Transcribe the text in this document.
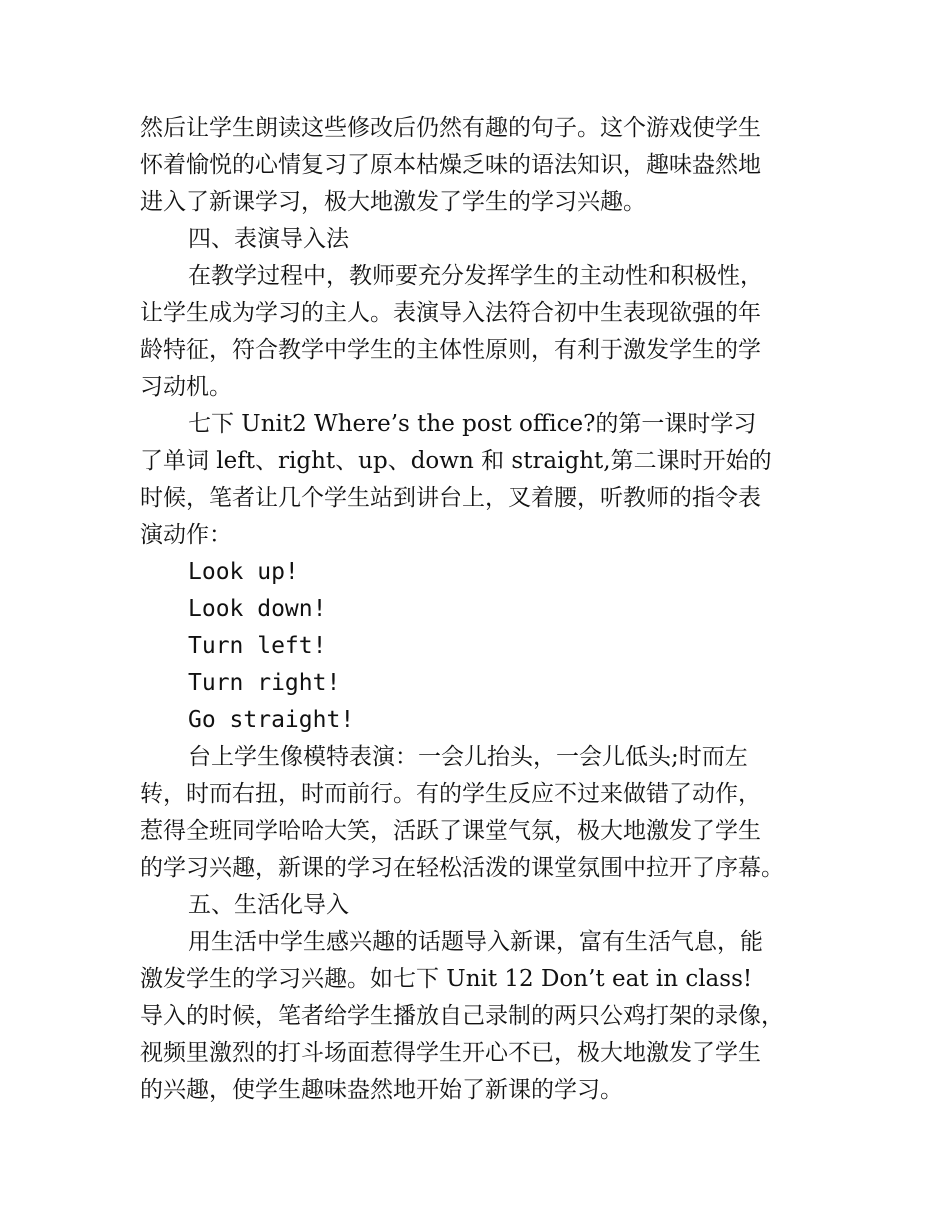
然后让学生朗读这些修改后仍然有趣的句子。这个游戏使学生
怀着愉悦的心情复习了原本枯燥乏味的语法知识，趣味盎然地
进入了新课学习，极大地激发了学生的学习兴趣。
四、表演导入法
在教学过程中，教师要充分发挥学生的主动性和积极性，
让学生成为学习的主人。表演导入法符合初中生表现欲强的年
龄特征，符合教学中学生的主体性原则，有利于激发学生的学
习动机。
七下 Unit2 Where’s the post office?的第一课时学习
了单词 left、right、up、down 和 straight,第二课时开始的
时候，笔者让几个学生站到讲台上，叉着腰，听教师的指令表
演动作：
Look up!
Look down!
Turn left!
Turn right!
Go straight!
台上学生像模特表演：一会儿抬头，一会儿低头;时而左
转，时而右扭，时而前行。有的学生反应不过来做错了动作，
惹得全班同学哈哈大笑，活跃了课堂气氛，极大地激发了学生
的学习兴趣，新课的学习在轻松活泼的课堂氛围中拉开了序幕。
五、生活化导入
用生活中学生感兴趣的话题导入新课，富有生活气息，能
激发学生的学习兴趣。如七下 Unit 12 Don’t eat in class!
导入的时候，笔者给学生播放自己录制的两只公鸡打架的录像，
视频里激烈的打斗场面惹得学生开心不已，极大地激发了学生
的兴趣，使学生趣味盎然地开始了新课的学习。
